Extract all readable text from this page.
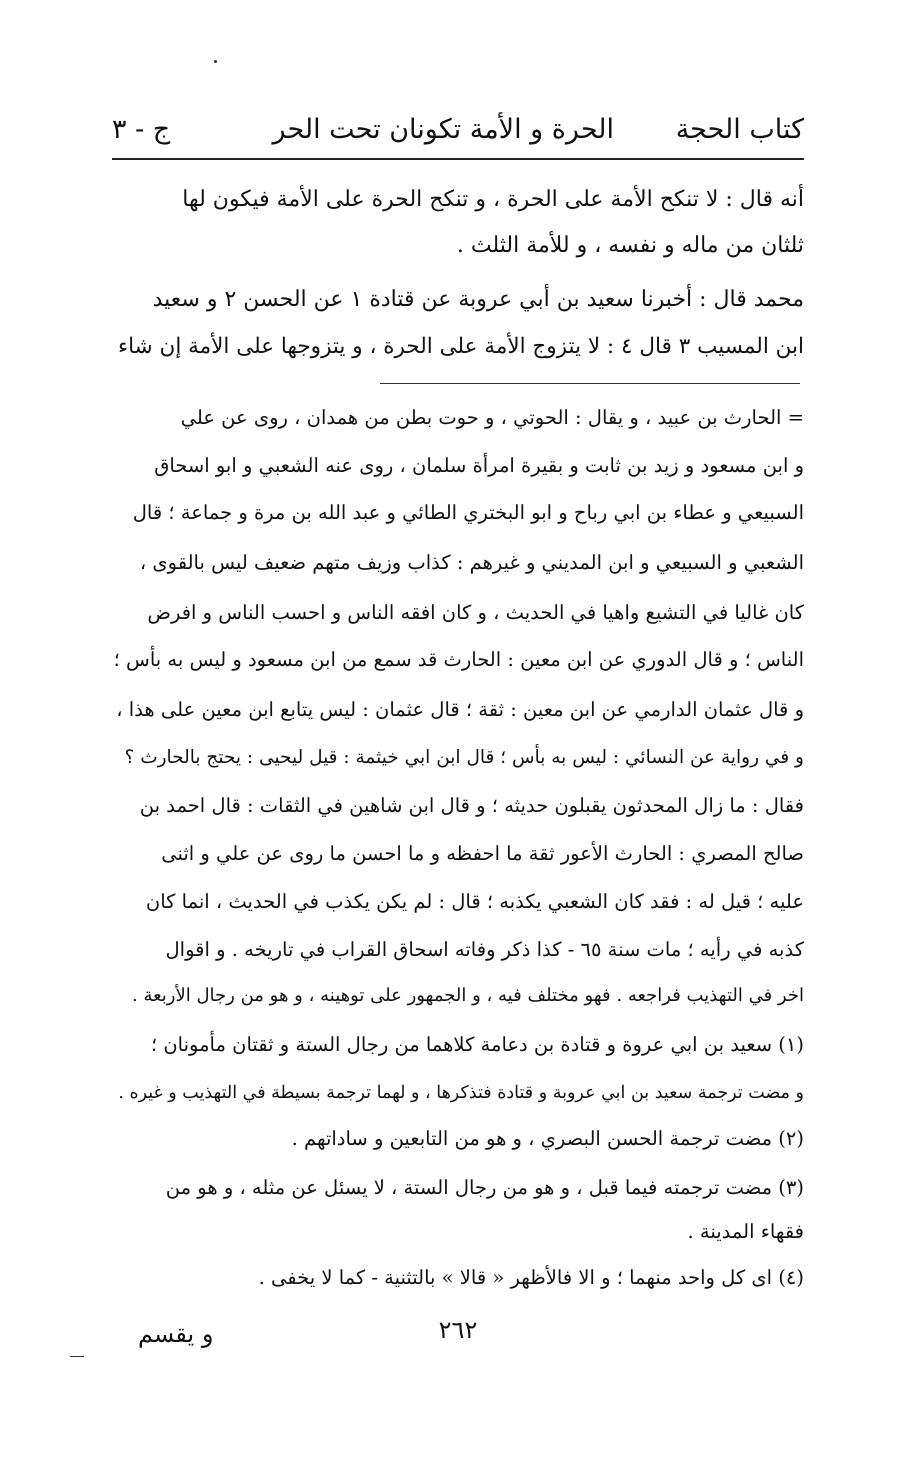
كتاب الحجة
الحرة و الأمة تكونان تحت الحر
ج - ٣
أنه قال : لا تنكح الأمة على الحرة ، و تنكح الحرة على الأمة فيكون لها
ثلثان من ماله و نفسه ، و للأمة الثلث .
محمد قال : أخبرنا سعيد بن أبي عروبة عن قتادة ١ عن الحسن ٢ و سعيد
ابن المسيب ٣ قال ٤ : لا يتزوج الأمة على الحرة ، و يتزوجها على الأمة إن شاء
= الحارث بن عبيد ، و يقال : الحوتي ، و حوت بطن من همدان ، روى عن علي
و ابن مسعود و زيد بن ثابت و بقيرة امرأة سلمان ، روى عنه الشعبي و ابو اسحاق
السبيعي و عطاء بن ابي رباح و ابو البختري الطائي و عبد الله بن مرة و جماعة ؛ قال
الشعبي و السبيعي و ابن المديني و غيرهم : كذاب وزيف متهم ضعيف ليس بالقوى ،
كان غاليا في التشيع واهيا في الحديث ، و كان افقه الناس و احسب الناس و افرض
الناس ؛ و قال الدوري عن ابن معين : الحارث قد سمع من ابن مسعود و ليس به بأس ؛
و قال عثمان الدارمي عن ابن معين : ثقة ؛ قال عثمان : ليس يتابع ابن معين على هذا ،
و في رواية عن النسائي : ليس به بأس ؛ قال ابن ابي خيثمة : قيل ليحيى : يحتج بالحارث ؟
فقال : ما زال المحدثون يقبلون حديثه ؛ و قال ابن شاهين في الثقات : قال احمد بن
صالح المصري : الحارث الأعور ثقة ما احفظه و ما احسن ما روى عن علي و اثنى
عليه ؛ قيل له : فقد كان الشعبي يكذبه ؛ قال : لم يكن يكذب في الحديث ، انما كان
كذبه في رأيه ؛ مات سنة ٦٥ - كذا ذكر وفاته اسحاق القراب في تاريخه . و اقوال
اخر في التهذيب فراجعه . فهو مختلف فيه ، و الجمهور على توهينه ، و هو من رجال الأربعة .
(١) سعيد بن ابي عروة و قتادة بن دعامة كلاهما من رجال الستة و ثقتان مأمونان ؛
و مضت ترجمة سعيد بن ابي عروبة و قتادة فتذكرها ، و لهما ترجمة بسيطة في التهذيب و غيره .
(٢) مضت ترجمة الحسن البصري ، و هو من التابعين و ساداتهم .
(٣) مضت ترجمته فيما قبل ، و هو من رجال الستة ، لا يسئل عن مثله ، و هو من
فقهاء المدينة .
(٤) اى كل واحد منهما ؛ و الا فالأظهر « قالا » بالتثنية - كما لا يخفى .
٢٦٢
و يقسم
